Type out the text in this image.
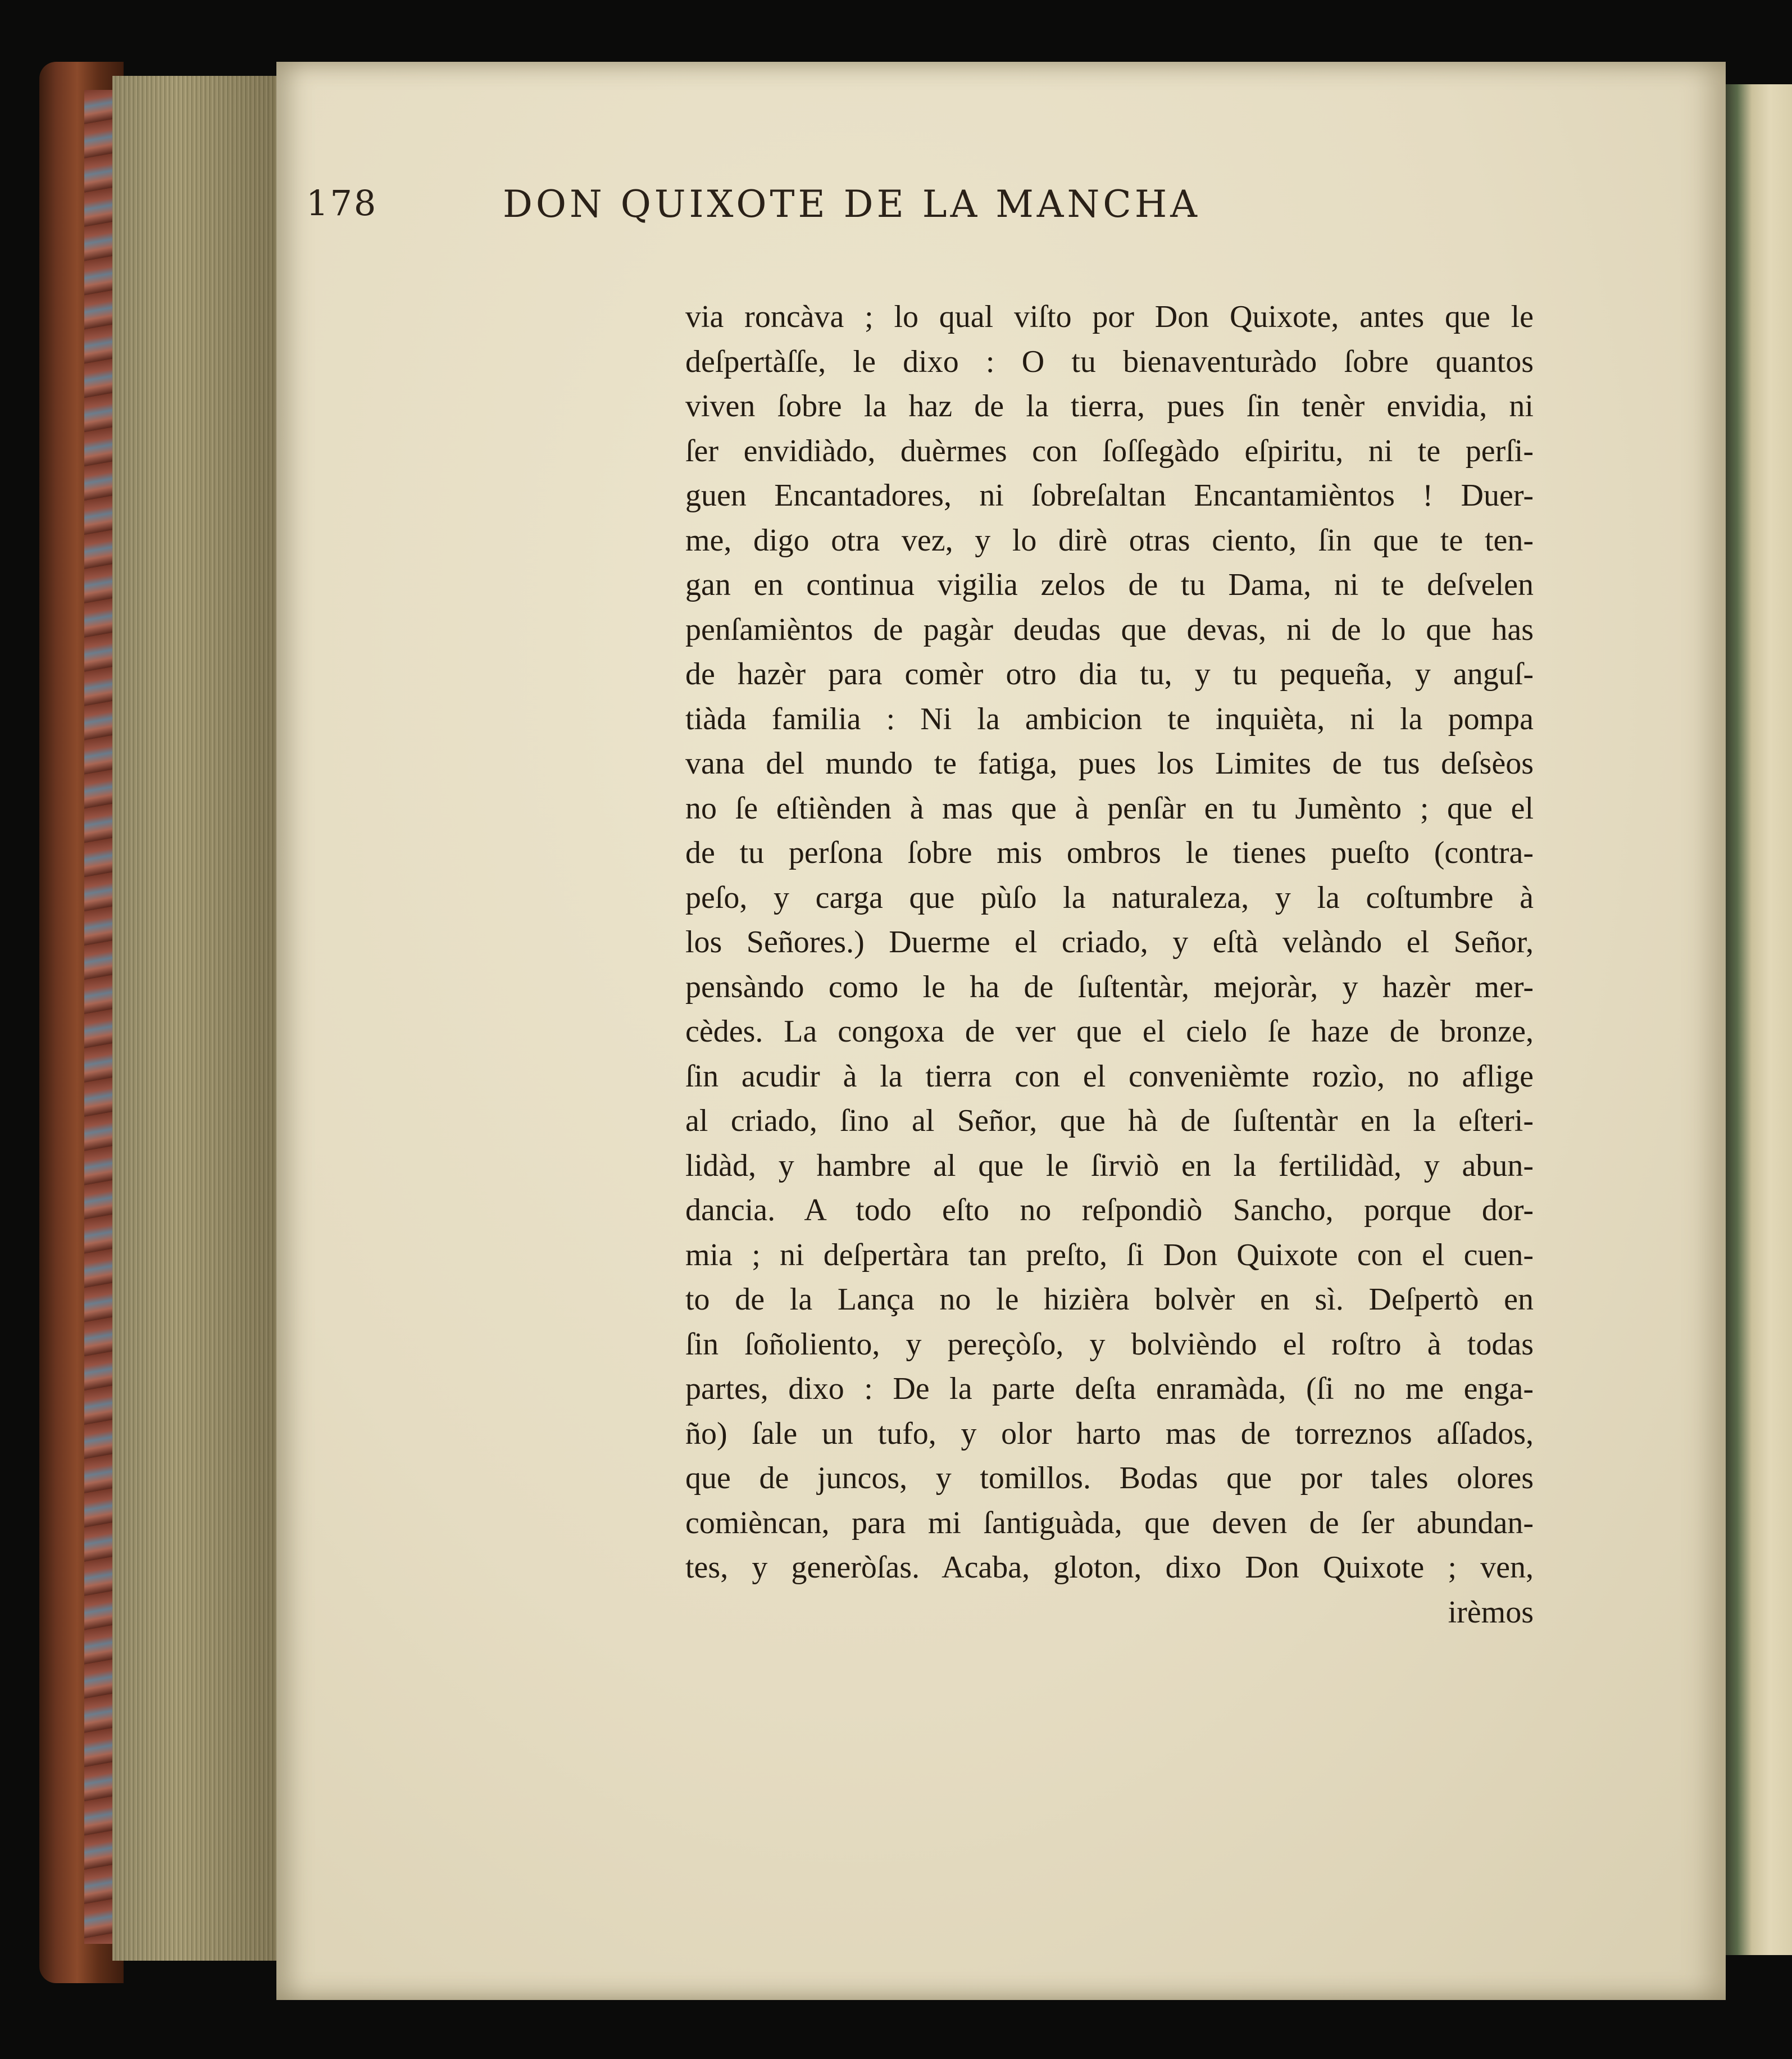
178	DON QUIXOTE DE LA MANCHA
via roncàva ; lo qual viſto por Don Quixote, antes que le
deſpertàſſe, le dixo : O tu bienaventuràdo ſobre quantos
viven ſobre la haz de la tierra, pues ſin tenèr envidia, ni
ſer envidiàdo, duèrmes con ſoſſegàdo eſpiritu, ni te perſi-
guen Encantadores, ni ſobreſaltan Encantamièntos ! Duer-
me, digo otra vez, y lo dirè otras ciento, ſin que te ten-
gan en continua vigilia zelos de tu Dama, ni te deſvelen
penſamièntos de pagàr deudas que devas, ni de lo que has
de hazèr para comèr otro dia tu, y tu pequeña, y anguſ-
tiàda familia : Ni la ambicion te inquièta, ni la pompa
vana del mundo te fatiga, pues los Limites de tus deſsèos
no ſe eſtiènden à mas que à penſàr en tu Jumènto ; que el
de tu perſona ſobre mis ombros le tienes pueſto (contra-
peſo, y carga que pùſo la naturaleza, y la coſtumbre à
los Señores.) Duerme el criado, y eſtà velàndo el Señor,
pensàndo como le ha de ſuſtentàr, mejoràr, y hazèr mer-
cèdes. La congoxa de ver que el cielo ſe haze de bronze,
ſin acudir à la tierra con el convenièmte rozìo, no aflige
al criado, ſino al Señor, que hà de ſuſtentàr en la eſteri-
lidàd, y hambre al que le ſirviò en la fertilidàd, y abun-
dancia. A todo eſto no reſpondiò Sancho, porque dor-
mia ; ni deſpertàra tan preſto, ſi Don Quixote con el cuen-
to de la Lança no le hizièra bolvèr en sì. Deſpertò en
ſin ſoñoliento, y pereçòſo, y bolvièndo el roſtro à todas
partes, dixo : De la parte deſta enramàda, (ſi no me enga-
ño) ſale un tufo, y olor harto mas de torreznos aſſados,
que de juncos, y tomillos. Bodas que por tales olores
comièncan, para mi ſantiguàda, que deven de ſer abundan-
tes, y generòſas. Acaba, gloton, dixo Don Quixote ; ven,
irèmos
